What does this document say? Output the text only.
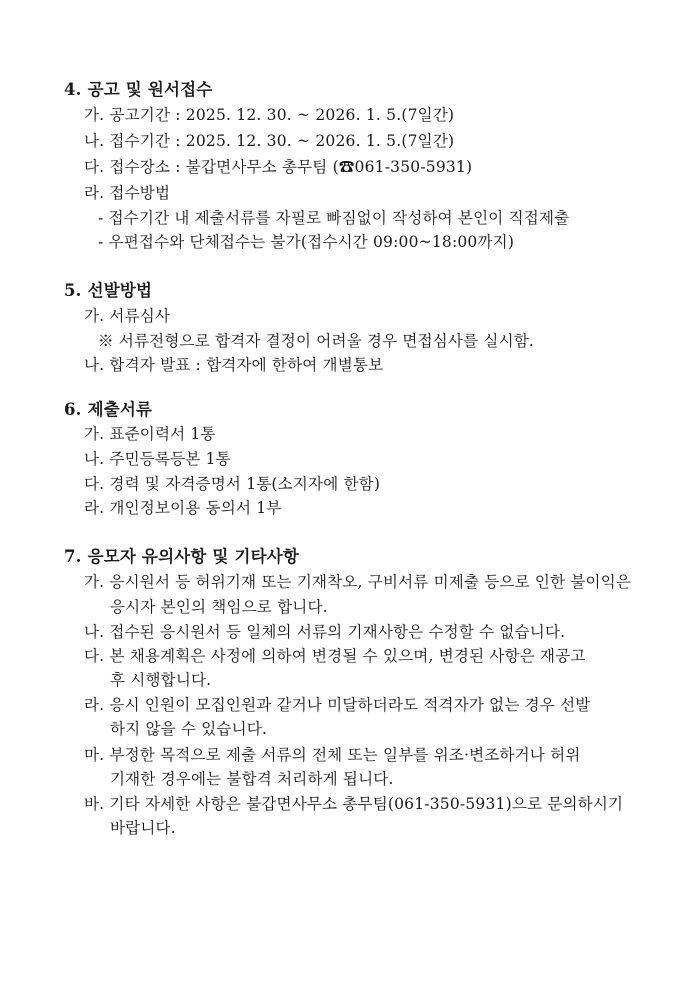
4. 공고 및 원서접수
가. 공고기간 : 2025. 12. 30. ~ 2026. 1. 5.(7일간)
나. 접수기간 : 2025. 12. 30. ~ 2026. 1. 5.(7일간)
다. 접수장소 : 불갑면사무소 총무팀 (☎061-350-5931)
라. 접수방법
- 접수기간 내 제출서류를 자필로 빠짐없이 작성하여 본인이 직접제출
- 우편접수와 단체접수는 불가(접수시간 09:00~18:00까지)
5. 선발방법
가. 서류심사
※ 서류전형으로 합격자 결정이 어려울 경우 면접심사를 실시함.
나. 합격자 발표 : 합격자에 한하여 개별통보
6. 제출서류
가. 표준이력서 1통
나. 주민등록등본 1통
다. 경력 및 자격증명서 1통(소지자에 한함)
라. 개인정보이용 동의서 1부
7. 응모자 유의사항 및 기타사항
가. 응시원서 등 허위기재 또는 기재착오, 구비서류 미제출 등으로 인한 불이익은
응시자 본인의 책임으로 합니다.
나. 접수된 응시원서 등 일체의 서류의 기재사항은 수정할 수 없습니다.
다. 본 채용계획은 사정에 의하여 변경될 수 있으며, 변경된 사항은 재공고
후 시행합니다.
라. 응시 인원이 모집인원과 같거나 미달하더라도 적격자가 없는 경우 선발
하지 않을 수 있습니다.
마. 부정한 목적으로 제출 서류의 전체 또는 일부를 위조·변조하거나 허위
기재한 경우에는 불합격 처리하게 됩니다.
바. 기타 자세한 사항은 불갑면사무소 총무팀(061-350-5931)으로 문의하시기
바랍니다.
